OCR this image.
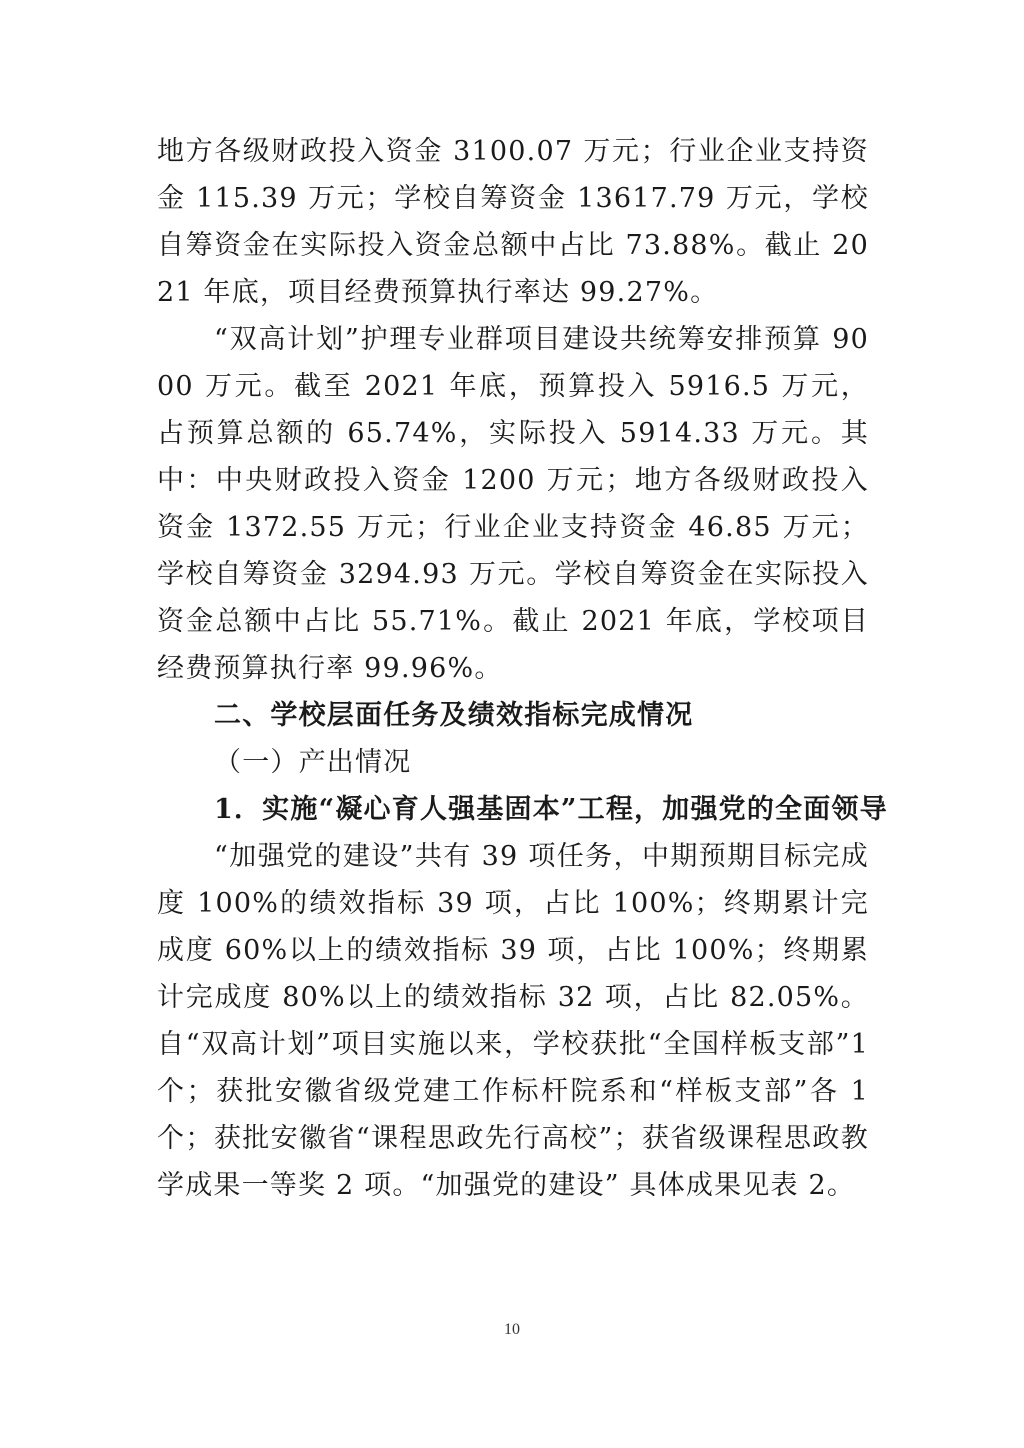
地方各级财政投入资金 3100.07 万元；行业企业支持资金 115.39 万元；学校自筹资金 13617.79 万元，学校自筹资金在实际投入资金总额中占比 73.88%。截止 2021 年底，项目经费预算执行率达 99.27%。

“双高计划”护理专业群项目建设共统筹安排预算 9000 万元。截至 2021 年底，预算投入 5916.5 万元，占预算总额的 65.74%，实际投入 5914.33 万元。其中：中央财政投入资金 1200 万元；地方各级财政投入资金 1372.55 万元；行业企业支持资金 46.85 万元；学校自筹资金 3294.93 万元。学校自筹资金在实际投入资金总额中占比 55.71%。截止 2021 年底，学校项目经费预算执行率 99.96%。

二、学校层面任务及绩效指标完成情况

（一）产出情况

1．实施“凝心育人强基固本”工程，加强党的全面领导

“加强党的建设”共有 39 项任务，中期预期目标完成度 100%的绩效指标 39 项，占比 100%；终期累计完成度 60%以上的绩效指标 39 项，占比 100%；终期累计完成度 80%以上的绩效指标 32 项，占比 82.05%。自“双高计划”项目实施以来，学校获批“全国样板支部”1 个；获批安徽省级党建工作标杆院系和“样板支部”各 1 个；获批安徽省“课程思政先行高校”；获省级课程思政教学成果一等奖 2 项。“加强党的建设” 具体成果见表 2。

10
